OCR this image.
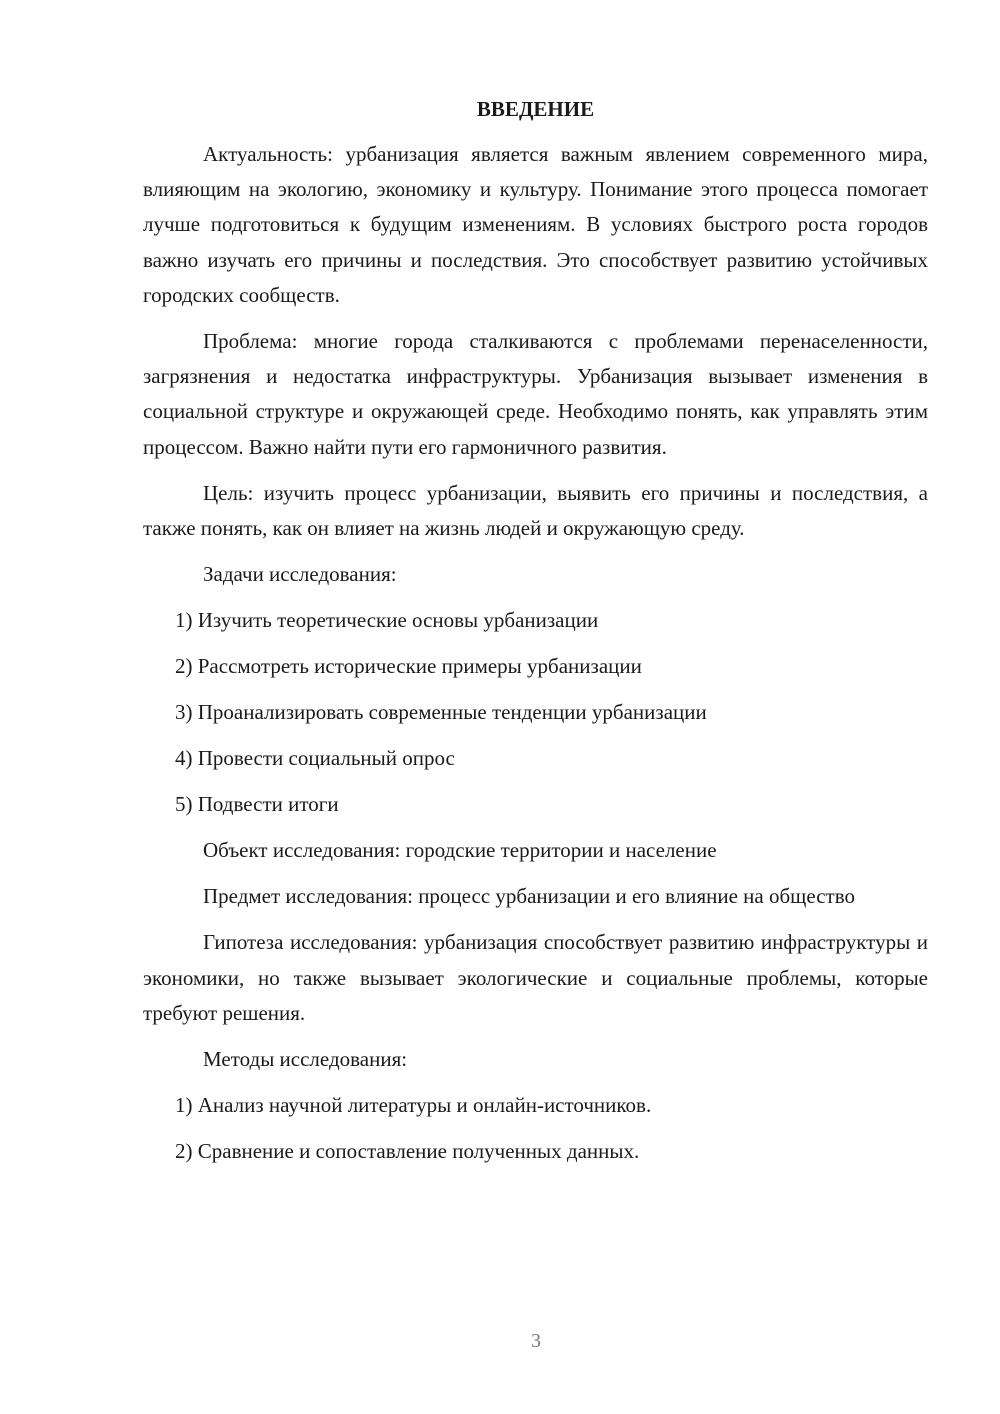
ВВЕДЕНИЕ

Актуальность: урбанизация является важным явлением современного мира, влияющим на экологию, экономику и культуру. Понимание этого процесса помогает лучше подготовиться к будущим изменениям. В условиях быстрого роста городов важно изучать его причины и последствия. Это способствует развитию устойчивых городских сообществ.

Проблема: многие города сталкиваются с проблемами перенаселенности, загрязнения и недостатка инфраструктуры. Урбанизация вызывает изменения в социальной структуре и окружающей среде. Необходимо понять, как управлять этим процессом. Важно найти пути его гармоничного развития.

Цель: изучить процесс урбанизации, выявить его причины и последствия, а также понять, как он влияет на жизнь людей и окружающую среду.

Задачи исследования:
1) Изучить теоретические основы урбанизации
2) Рассмотреть исторические примеры урбанизации
3) Проанализировать современные тенденции урбанизации
4) Провести социальный опрос
5) Подвести итоги
Объект исследования: городские территории и население

Предмет исследования: процесс урбанизации и его влияние на общество

Гипотеза исследования: урбанизация способствует развитию инфраструктуры и экономики, но также вызывает экологические и социальные проблемы, которые требуют решения.

Методы исследования:
1) Анализ научной литературы и онлайн-источников.
2) Сравнение и сопоставление полученных данных.
3
